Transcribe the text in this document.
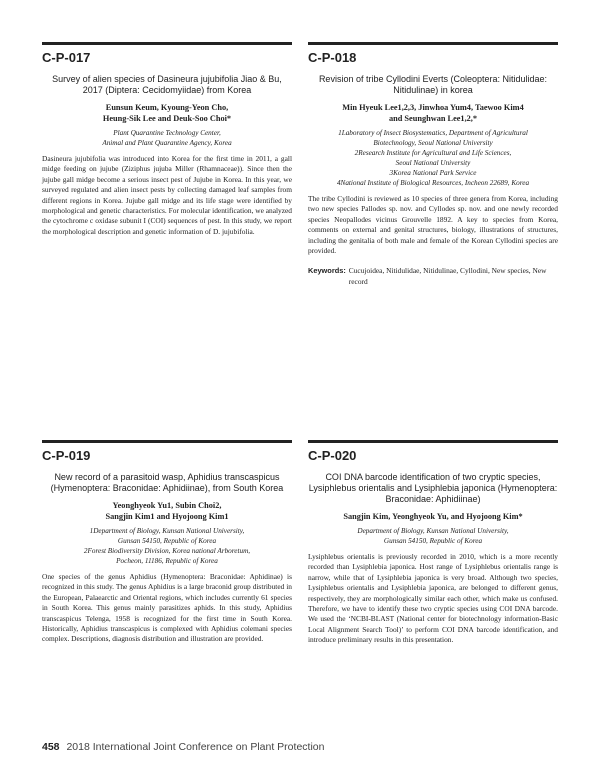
C-P-017

Survey of alien species of Dasineura jujubifolia Jiao & Bu, 2017 (Diptera: Cecidomyiidae) from Korea

Eunsun Keum, Kyoung-Yeon Cho,
Heung-Sik Lee and Deuk-Soo Choi*
Plant Quarantine Technology Center,
Animal and Plant Quarantine Agency, Korea

Dasineura jujubifolia was introduced into Korea for the first time in 2011, a gall midge feeding on jujube (Ziziphus jujuba Miller (Rhamnaceae)). Since then the jujube gall midge become a serious insect pest of Jujube in Korea. In this year, we surveyed regulated and alien insect pests by collecting damaged leaf samples from different regions in Korea. Jujube gall midge and its life stage were identified by morphological and genetic characteristics. For molecular identification, we analyzed the cytochrome c oxidase subunit I (COI) sequences of pest. In this study, we report the morphological description and genetic information of D. jujubifolia.

C-P-018

Revision of tribe Cyllodini Everts (Coleoptera: Nitidulidae: Nitidulinae) in korea

Min Hyeuk Lee1,2,3, Jinwhoa Yum4, Taewoo Kim4
and Seunghwan Lee1,2,*
1Laboratory of Insect Biosystematics, Department of Agricultural
Biotechnology, Seoul National University
2Research Institute for Agricultural and Life Sciences,
Seoul National University
3Korea National Park Service
4National Institute of Biological Resources, Incheon 22689, Korea

The tribe Cyllodini is reviewed as 10 species of three genera from Korea, including two new species Pallodes sp. nov. and Cyllodes sp. nov. and one newly recorded species Neopallodes vicinus Grouvelle 1892. A key to species from Korea, comments on external and genital structures, biology, illustrations of structures, including the genitalia of both male and female of the Korean Cyllodini species are provided.

Keywords: Cucujoidea, Nitidulidae, Nitidulinae, Cyllodini, New species, New record

C-P-019

New record of a parasitoid wasp, Aphidius transcaspicus (Hymenoptera: Braconidae: Aphidiinae), from South Korea

Yeonghyeok Yu1, Subin Choi2,
Sangjin Kim1 and Hyojoong Kim1
1Department of Biology, Kunsan National University,
Gunsan 54150, Republic of Korea
2Forest Biodiversity Division, Korea national Arboretum,
Pocheon, 11186, Republic of Korea

One species of the genus Aphidius (Hymenoptera: Braconidae: Aphidinae) is recognized in this study. The genus Aphidius is a large braconid group distributed in the European, Palaearctic and Oriental regions, which includes currently 61 species in South Korea. This genus mainly parasitizes aphids. In this study, Aphidius transcaspicus Telenga, 1958 is recognized for the first time in South Korea. Historically, Aphidius transcaspicus is complexed with Aphidius colemani species complex. Descriptions, diagnosis distribution and illustration are provided.

C-P-020

COI DNA barcode identification of two cryptic species, Lysiphlebus orientalis and Lysiphlebia japonica (Hymenoptera: Braconidae: Aphidiinae)

Sangjin Kim, Yeonghyeok Yu, and Hyojoong Kim*
Department of Biology, Kunsan National University,
Gunsan 54150, Republic of Korea

Lysiphlebus orientalis is previously recorded in 2010, which is a more recently recorded than Lysiphlebia japonica. Host range of Lysiphlebus orientalis range is narrow, while that of Lysiphlebia japonica is very broad. Although two species, Lysiphlebus orientalis and Lysiphlebia japonica, are belonged to different genus, respectively, they are morphologically similar each other, which make us confused. Therefore, we have to identify these two cryptic species using COI DNA barcode. We used the ‘NCBI-BLAST (National center for biotechnology information-Basic Local Alignment Search Tool)’ to perform COI DNA barcode identification, and introduce preliminary results in this presentation.

458 2018 International Joint Conference on Plant Protection
